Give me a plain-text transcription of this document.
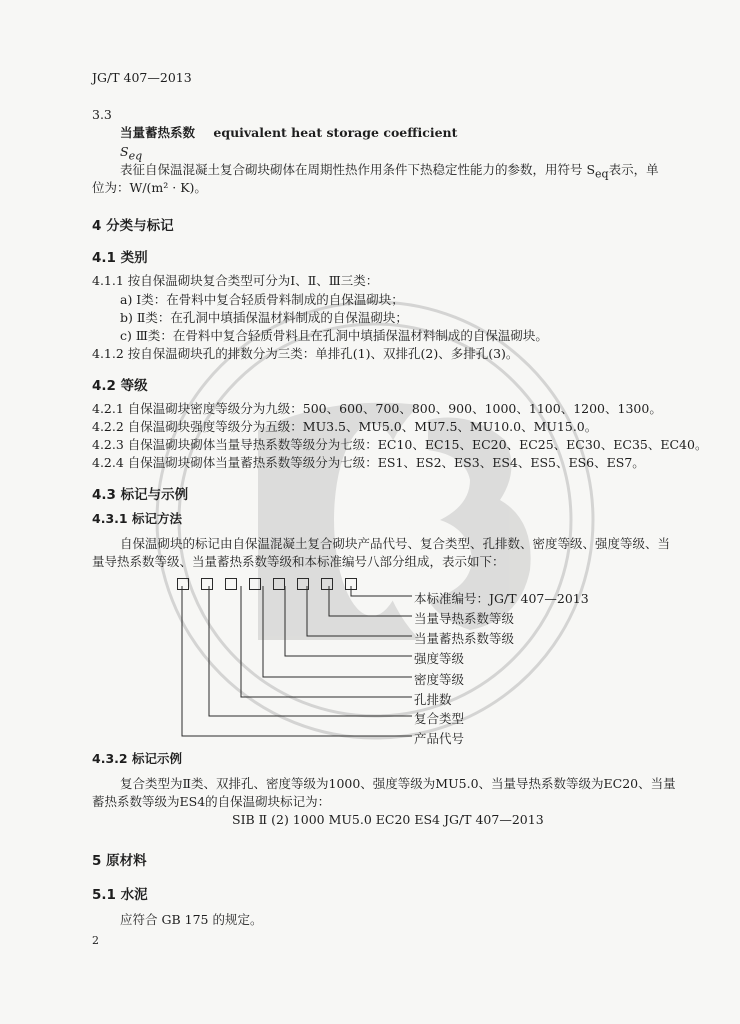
JG/T 407—2013
3.3
当量蓄热系数 equivalent heat storage coefficient
$S_{eq}$
表征自保温混凝土复合砌块砌体在周期性热作用条件下热稳定性能力的参数，用符号 $S_{eq}$表示，单
位为：W/(m² · K)。
4 分类与标记
4.1 类别
4.1.1 按自保温砌块复合类型可分为Ⅰ、Ⅱ、Ⅲ三类：
a) Ⅰ类：在骨料中复合轻质骨料制成的自保温砌块；
b) Ⅱ类：在孔洞中填插保温材料制成的自保温砌块；
c) Ⅲ类：在骨料中复合轻质骨料且在孔洞中填插保温材料制成的自保温砌块。
4.1.2 按自保温砌块孔的排数分为三类：单排孔(1)、双排孔(2)、多排孔(3)。
4.2 等级
4.2.1 自保温砌块密度等级分为九级：500、600、700、800、900、1000、1100、1200、1300。
4.2.2 自保温砌块强度等级分为五级：MU3.5、MU5.0、MU7.5、MU10.0、MU15.0。
4.2.3 自保温砌块砌体当量导热系数等级分为七级：EC10、EC15、EC20、EC25、EC30、EC35、EC40。
4.2.4 自保温砌块砌体当量蓄热系数等级分为七级：ES1、ES2、ES3、ES4、ES5、ES6、ES7。
4.3 标记与示例
4.3.1 标记方法
自保温砌块的标记由自保温混凝土复合砌块产品代号、复合类型、孔排数、密度等级、强度等级、当
量导热系数等级、当量蓄热系数等级和本标准编号八部分组成，表示如下：
本标准编号：JG/T 407—2013
当量导热系数等级
当量蓄热系数等级
强度等级
密度等级
孔排数
复合类型
产品代号
4.3.2 标记示例
复合类型为Ⅱ类、双排孔、密度等级为1000、强度等级为MU5.0、当量导热系数等级为EC20、当量
蓄热系数等级为ES4的自保温砌块标记为：
SIB Ⅱ (2) 1000 MU5.0 EC20 ES4 JG/T 407—2013
5 原材料
5.1 水泥
应符合 GB 175 的规定。
2
